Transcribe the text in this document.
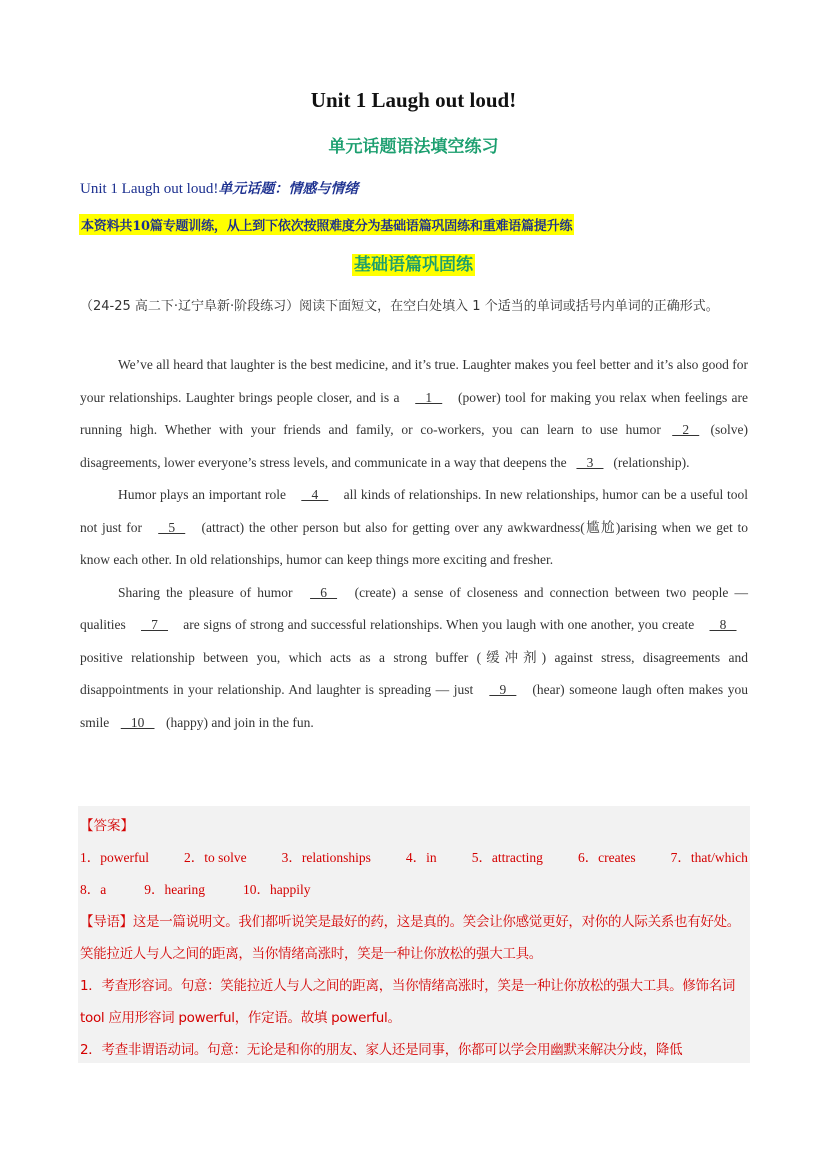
Unit 1 Laugh out loud!
单元话题语法填空练习
Unit 1 Laugh out loud!单元话题：情感与情绪
本资料共10篇专题训练，从上到下依次按照难度分为基础语篇巩固练和重难语篇提升练
基础语篇巩固练
（24-25 高二下·辽宁阜新·阶段练习）阅读下面短文，在空白处填入 1 个适当的单词或括号内单词的正确形式。

We’ve all heard that laughter is the best medicine, and it’s true. Laughter makes you feel better and it’s also good for your relationships. Laughter brings people closer, and is a    1    (power) tool for making you relax when feelings are running high. Whether with your friends and family, or co-workers, you can learn to use humor    2    (solve) disagreements, lower everyone’s stress levels, and communicate in a way that deepens the    3    (relationship).

Humor plays an important role    4    all kinds of relationships. In new relationships, humor can be a useful tool not just for    5    (attract) the other person but also for getting over any awkwardness(尴尬)arising when we get to know each other. In old relationships, humor can keep things more exciting and fresher.

Sharing the pleasure of humor    6    (create) a sense of closeness and connection between two people — qualities    7    are signs of strong and successful relationships. When you laugh with one another, you create    8    positive relationship between you, which acts as a strong buffer (缓冲剂) against stress, disagreements and disappointments in your relationship. And laughter is spreading — just    9    (hear) someone laugh often makes you smile    10    (happy) and join in the fun.

【答案】
1．powerful	2．to solve	3．relationships	4．in	5．attracting	6．creates	7．that/which
8．a	9．hearing	10．happily
【导语】这是一篇说明文。我们都听说笑是最好的药，这是真的。笑会让你感觉更好，对你的人际关系也有好处。笑能拉近人与人之间的距离，当你情绪高涨时，笑是一种让你放松的强大工具。
1．考查形容词。句意：笑能拉近人与人之间的距离，当你情绪高涨时，笑是一种让你放松的强大工具。修饰名词 tool 应用形容词 powerful，作定语。故填 powerful。
2．考查非谓语动词。句意：无论是和你的朋友、家人还是同事，你都可以学会用幽默来解决分歧，降低
